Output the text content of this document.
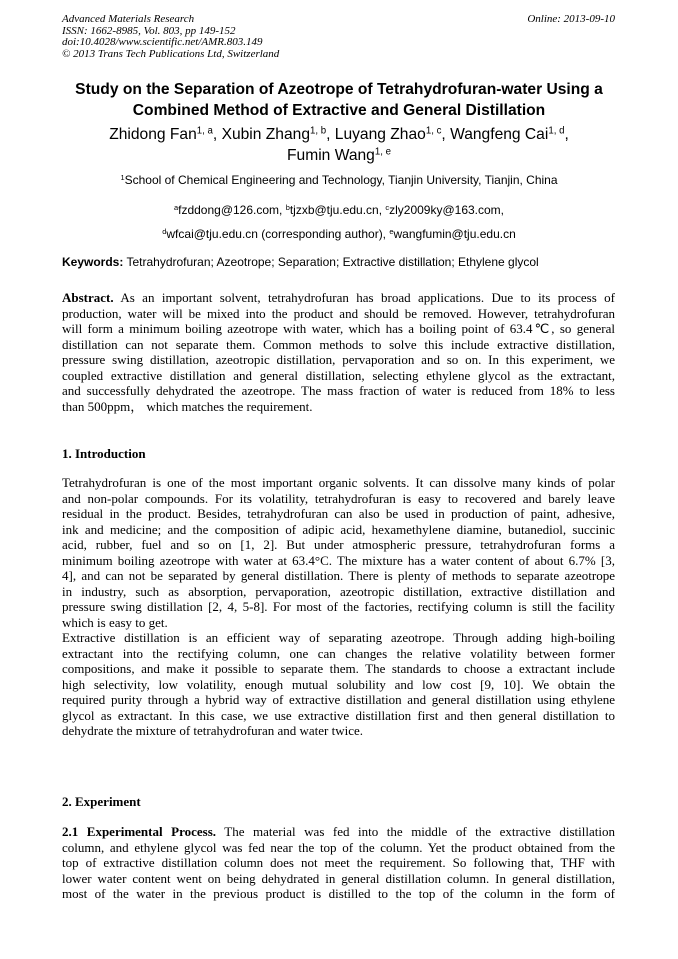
Advanced Materials Research
ISSN: 1662-8985, Vol. 803, pp 149-152
doi:10.4028/www.scientific.net/AMR.803.149
© 2013 Trans Tech Publications Ltd, Switzerland
Online: 2013-09-10
Study on the Separation of Azeotrope of Tetrahydrofuran-water Using a
Combined Method of Extractive and General Distillation
Zhidong Fan$^{1, a}$, Xubin Zhang$^{1, b}$, Luyang Zhao$^{1, c}$, Wangfeng Cai$^{1, d}$,
Fumin Wang$^{1, e}$
$^1$School of Chemical Engineering and Technology, Tianjin University, Tianjin, China
$^a$fzddong@126.com, $^b$tjzxb@tju.edu.cn, $^c$zly2009ky@163.com,
$^d$wfcai@tju.edu.cn (corresponding author), $^e$wangfumin@tju.edu.cn
Keywords: Tetrahydrofuran; Azeotrope; Separation; Extractive distillation; Ethylene glycol
Abstract. As an important solvent, tetrahydrofuran has broad applications. Due to its process of
production, water will be mixed into the product and should be removed. However, tetrahydrofuran
will form a minimum boiling azeotrope with water, which has a boiling point of 63.4℃, so general
distillation can not separate them. Common methods to solve this include extractive distillation,
pressure swing distillation, azeotropic distillation, pervaporation and so on. In this experiment, we
coupled extractive distillation and general distillation, selecting ethylene glycol as the extractant,
and successfully dehydrated the azeotrope. The mass fraction of water is reduced from 18% to less
than 500ppm， which matches the requirement.
1. Introduction
Tetrahydrofuran is one of the most important organic solvents. It can dissolve many kinds of polar
and non-polar compounds. For its volatility, tetrahydrofuran is easy to recovered and barely leave
residual in the product. Besides, tetrahydrofuran can also be used in production of paint, adhesive,
ink and medicine; and the composition of adipic acid, hexamethylene diamine, butanediol, succinic
acid, rubber, fuel and so on [1, 2]. But under atmospheric pressure, tetrahydrofuran forms a
minimum boiling azeotrope with water at 63.4°C. The mixture has a water content of about 6.7% [3,
4], and can not be separated by general distillation. There is plenty of methods to separate azeotrope
in industry, such as absorption, pervaporation, azeotropic distillation, extractive distillation and
pressure swing distillation [2, 4, 5-8]. For most of the factories, rectifying column is still the facility
which is easy to get.
Extractive distillation is an efficient way of separating azeotrope. Through adding high-boiling
extractant into the rectifying column, one can changes the relative volatility between former
compositions, and make it possible to separate them. The standards to choose a extractant include
high selectivity, low volatility, enough mutual solubility and low cost [9, 10]. We obtain the
required purity through a hybrid way of extractive distillation and general distillation using ethylene
glycol as extractant. In this case, we use extractive distillation first and then general distillation to
dehydrate the mixture of tetrahydrofuran and water twice.
2. Experiment
2.1 Experimental Process. The material was fed into the middle of the extractive distillation
column, and ethylene glycol was fed near the top of the column. Yet the product obtained from the
top of extractive distillation column does not meet the requirement. So following that, THF with
lower water content went on being dehydrated in general distillation column. In general distillation,
most of the water in the previous product is distilled to the top of the column in the form of
